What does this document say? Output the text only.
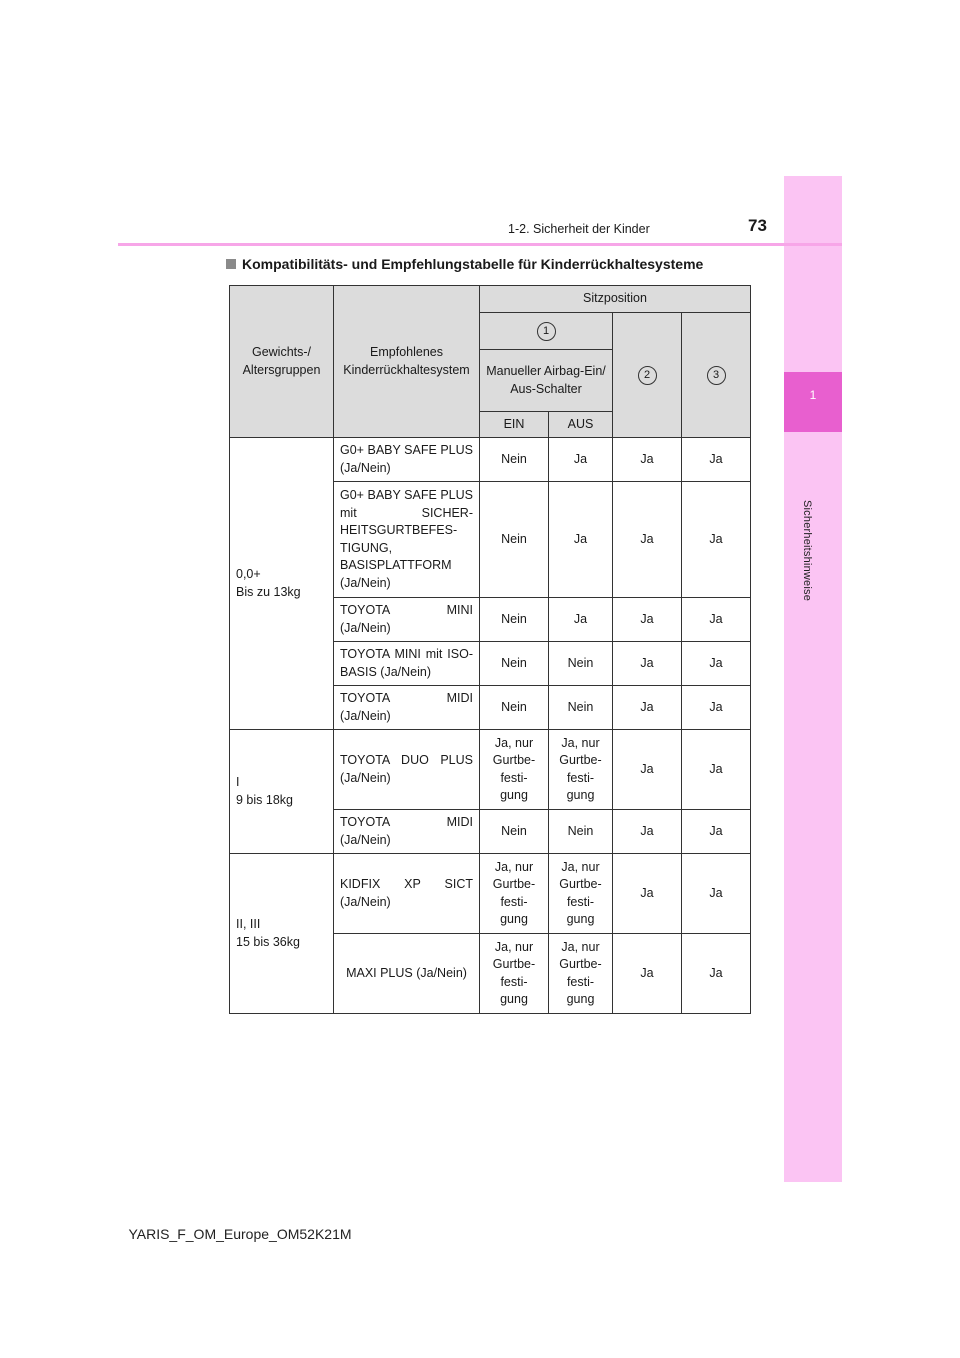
1
Sicherheitshinweise
1-2. Sicherheit der Kinder	73
Kompatibilitäts- und Empfehlungstabelle für Kinderrückhaltesysteme
Gewichts-/ Altersgruppen	Empfohlenes Kinderrückhaltesystem	Sitzposition			
		1		2	3
		Manueller Airbag-Ein/ Aus-Schalter			
		EIN	AUS		
0,0+
Bis zu 13kg	G0+ BABY SAFE PLUS (Ja/Nein)	Nein	Ja	Ja	Ja
	G0+ BABY SAFE PLUS mit SICHER-HEITSGURTBEFES-TIGUNG, BASISPLATTFORM (Ja/Nein)	Nein	Ja	Ja	Ja
	TOYOTA MINI (Ja/Nein)	Nein	Ja	Ja	Ja
	TOYOTA MINI mit ISO-BASIS (Ja/Nein)	Nein	Nein	Ja	Ja
	TOYOTA MIDI (Ja/Nein)	Nein	Nein	Ja	Ja
I
9 bis 18kg	TOYOTA DUO PLUS (Ja/Nein)	Ja, nur
Gurtbe-
festi-
gung	Ja, nur
Gurtbe-
festi-
gung	Ja	Ja
	TOYOTA MIDI (Ja/Nein)	Nein	Nein	Ja	Ja
II, III
15 bis 36kg	KIDFIX XP SICT (Ja/Nein)	Ja, nur
Gurtbe-
festi-
gung	Ja, nur
Gurtbe-
festi-
gung	Ja	Ja
	MAXI PLUS (Ja/Nein)	Ja, nur
Gurtbe-
festi-
gung	Ja, nur
Gurtbe-
festi-
gung	Ja	Ja
YARIS_F_OM_Europe_OM52K21M
